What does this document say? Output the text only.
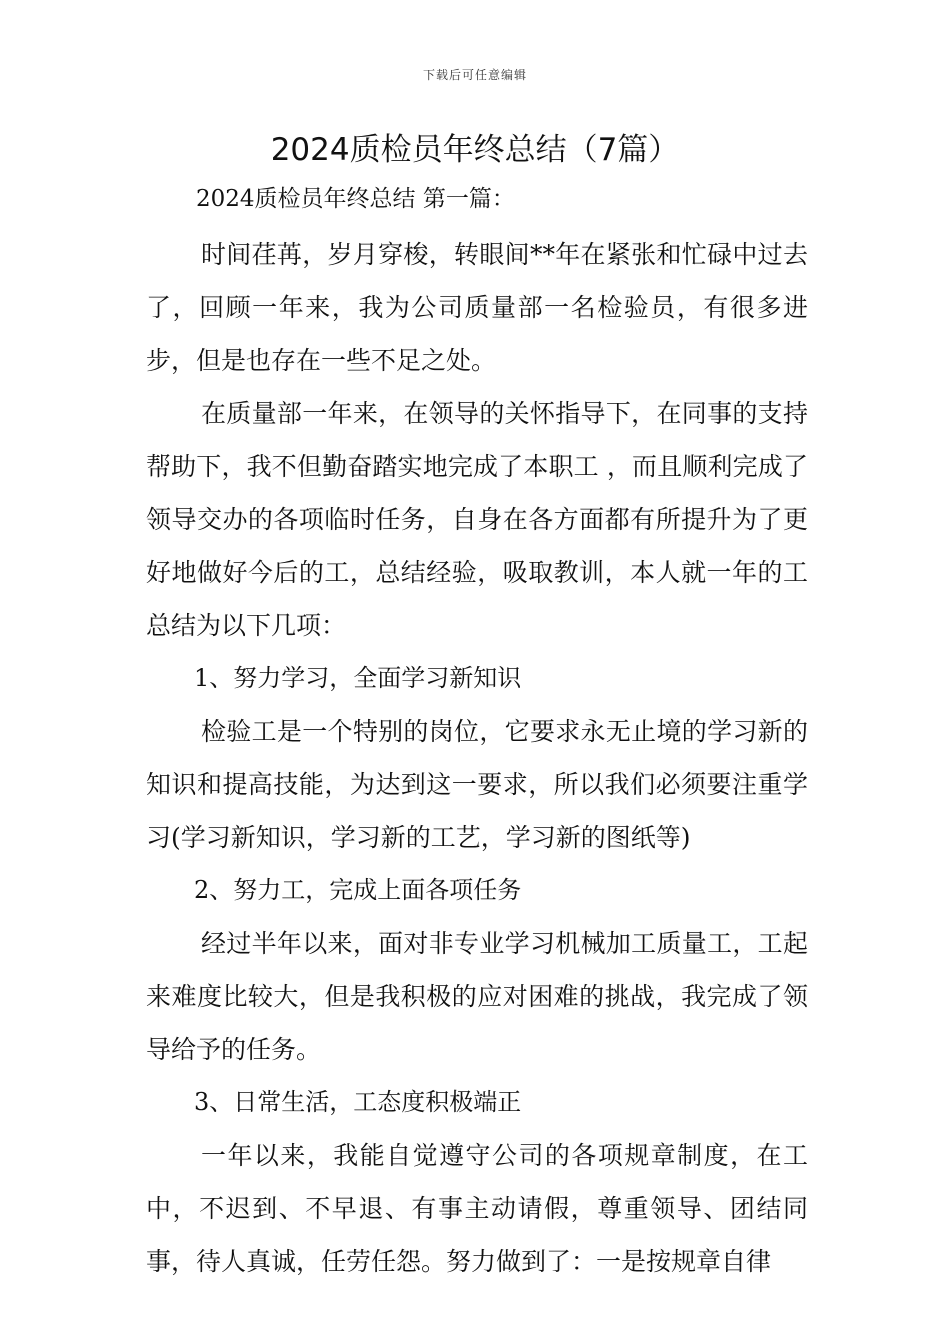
下载后可任意编辑
2024质检员年终总结（7篇）
2024质检员年终总结 第一篇：

时间荏苒，岁月穿梭，转眼间**年在紧张和忙碌中过去了，回顾一年来，我为公司质量部一名检验员，有很多进步，但是也存在一些不足之处。

在质量部一年来，在领导的关怀指导下，在同事的支持帮助下，我不但勤奋踏实地完成了本职工 ，而且顺利完成了领导交办的各项临时任务，自身在各方面都有所提升为了更好地做好今后的工，总结经验，吸取教训，本人就一年的工总结为以下几项：

1、努力学习，全面学习新知识

检验工是一个特别的岗位，它要求永无止境的学习新的知识和提高技能，为达到这一要求，所以我们必须要注重学习(学习新知识，学习新的工艺，学习新的图纸等)

2、努力工，完成上面各项任务

经过半年以来，面对非专业学习机械加工质量工，工起来难度比较大，但是我积极的应对困难的挑战，我完成了领导给予的任务。

3、日常生活，工态度积极端正

一年以来，我能自觉遵守公司的各项规章制度，在工中，不迟到、不早退、有事主动请假，尊重领导、团结同事，待人真诚，任劳任怨。努力做到了：一是按规章自律
